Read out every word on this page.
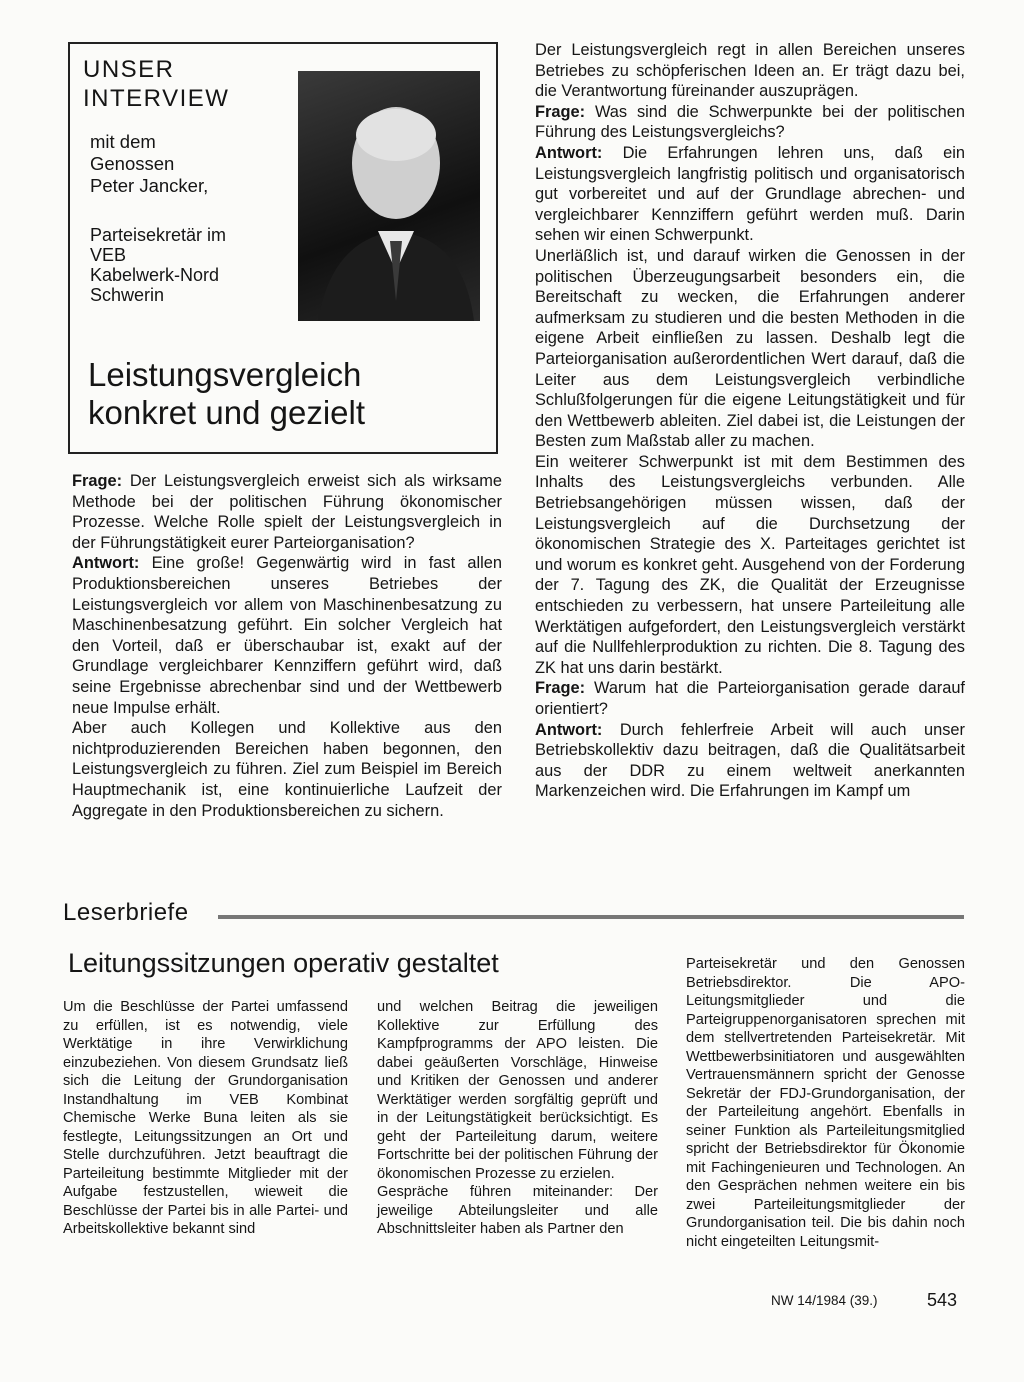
UNSER
INTERVIEW
mit dem
Genossen
Peter Jancker,
Parteisekretär im
VEB
Kabelwerk-Nord
Schwerin
Leistungsvergleich
konkret und gezielt
Frage: Der Leistungsvergleich erweist sich als wirksame Methode bei der politischen Führung ökonomischer Prozesse. Welche Rolle spielt der Leistungsvergleich in der Führungstätigkeit eurer Parteiorganisation?
Antwort: Eine große! Gegenwärtig wird in fast allen Produktionsbereichen unseres Betriebes der Leistungsvergleich vor allem von Maschinenbesatzung zu Maschinenbesatzung geführt. Ein solcher Vergleich hat den Vorteil, daß er überschaubar ist, exakt auf der Grundlage vergleichbarer Kennziffern geführt wird, daß seine Ergebnisse abrechenbar sind und der Wettbewerb neue Impulse erhält.
Aber auch Kollegen und Kollektive aus den nichtproduzierenden Bereichen haben begonnen, den Leistungsvergleich zu führen. Ziel zum Beispiel im Bereich Hauptmechanik ist, eine kontinuierliche Laufzeit der Aggregate in den Produktionsbereichen zu sichern.
Der Leistungsvergleich regt in allen Bereichen unseres Betriebes zu schöpferischen Ideen an. Er trägt dazu bei, die Verantwortung füreinander auszuprägen.
Frage: Was sind die Schwerpunkte bei der politischen Führung des Leistungsvergleichs?
Antwort: Die Erfahrungen lehren uns, daß ein Leistungsvergleich langfristig politisch und organisatorisch gut vorbereitet und auf der Grundlage abrechen- und vergleichbarer Kennziffern geführt werden muß. Darin sehen wir einen Schwerpunkt.
Unerläßlich ist, und darauf wirken die Genossen in der politischen Überzeugungsarbeit besonders ein, die Bereitschaft zu wecken, die Erfahrungen anderer aufmerksam zu studieren und die besten Methoden in die eigene Arbeit einfließen zu lassen. Deshalb legt die Parteiorganisation außerordentlichen Wert darauf, daß die Leiter aus dem Leistungsvergleich verbindliche Schlußfolgerungen für die eigene Leitungstätigkeit und für den Wettbewerb ableiten. Ziel dabei ist, die Leistungen der Besten zum Maßstab aller zu machen.
Ein weiterer Schwerpunkt ist mit dem Bestimmen des Inhalts des Leistungsvergleichs verbunden. Alle Betriebsangehörigen müssen wissen, daß der Leistungsvergleich auf die Durchsetzung der ökonomischen Strategie des X. Parteitages gerichtet ist und worum es konkret geht. Ausgehend von der Forderung der 7. Tagung des ZK, die Qualität der Erzeugnisse entschieden zu verbessern, hat unsere Parteileitung alle Werktätigen aufgefordert, den Leistungsvergleich verstärkt auf die Nullfehlerproduktion zu richten. Die 8. Tagung des ZK hat uns darin bestärkt.
Frage: Warum hat die Parteiorganisation gerade darauf orientiert?
Antwort: Durch fehlerfreie Arbeit will auch unser Betriebskollektiv dazu beitragen, daß die Qualitätsarbeit aus der DDR zu einem weltweit anerkannten Markenzeichen wird. Die Erfahrungen im Kampf um
Leserbriefe
Leitungssitzungen operativ gestaltet
Um die Beschlüsse der Partei umfassend zu erfüllen, ist es notwendig, viele Werktätige in ihre Verwirklichung einzubeziehen. Von diesem Grundsatz ließ sich die Leitung der Grundorganisation Instandhaltung im VEB Kombinat Chemische Werke Buna leiten als sie festlegte, Leitungssitzungen an Ort und Stelle durchzuführen. Jetzt beauftragt die Parteileitung bestimmte Mitglieder mit der Aufgabe festzustellen, wieweit die Beschlüsse der Partei bis in alle Partei- und Arbeitskollektive bekannt sind
und welchen Beitrag die jeweiligen Kollektive zur Erfüllung des Kampfprogramms der APO leisten. Die dabei geäußerten Vorschläge, Hinweise und Kritiken der Genossen und anderer Werktätiger werden sorgfältig geprüft und in der Leitungstätigkeit berücksichtigt. Es geht der Parteileitung darum, weitere Fortschritte bei der politischen Führung der ökonomischen Prozesse zu erzielen.
Gespräche führen miteinander: Der jeweilige Abteilungsleiter und alle Abschnittsleiter haben als Partner den
Parteisekretär und den Genossen Betriebsdirektor. Die APO-Leitungsmitglieder und die Parteigruppenorganisatoren sprechen mit dem stellvertretenden Parteisekretär. Mit Wettbewerbsinitiatoren und ausgewählten Vertrauensmännern spricht der Genosse Sekretär der FDJ-Grundorganisation, der der Parteileitung angehört. Ebenfalls in seiner Funktion als Parteileitungsmitglied spricht der Betriebsdirektor für Ökonomie mit Fachingenieuren und Technologen. An den Gesprächen nehmen weitere ein bis zwei Parteileitungsmitglieder der Grundorganisation teil. Die bis dahin noch nicht eingeteilten Leitungsmit-
NW 14/1984 (39.)	543
